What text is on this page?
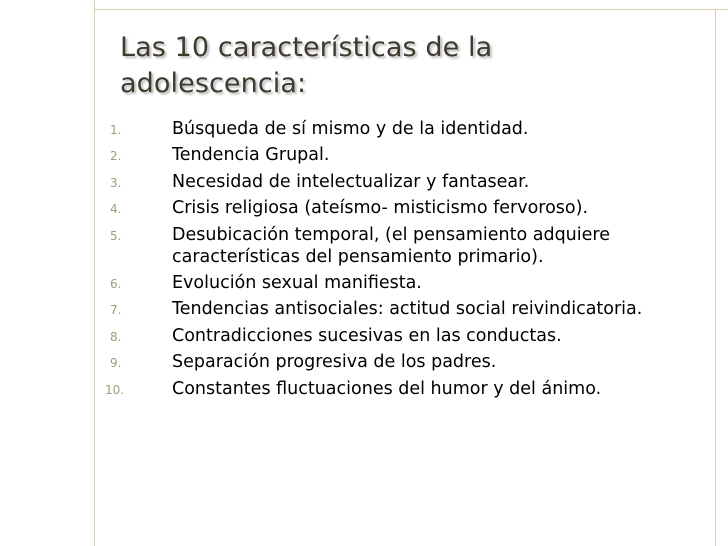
Las 10 características de la
adolescencia:
1.	Búsqueda de sí mismo y de la identidad.
2.	Tendencia Grupal.
3.	Necesidad de intelectualizar y fantasear.
4.	Crisis religiosa (ateísmo- misticismo fervoroso).
5.	Desubicación temporal, (el pensamiento adquiere
características del pensamiento primario).
6.	Evolución sexual manifiesta.
7.	Tendencias antisociales: actitud social reivindicatoria.
8.	Contradicciones sucesivas en las conductas.
9.	Separación progresiva de los padres.
10.	Constantes fluctuaciones del humor y del ánimo.
